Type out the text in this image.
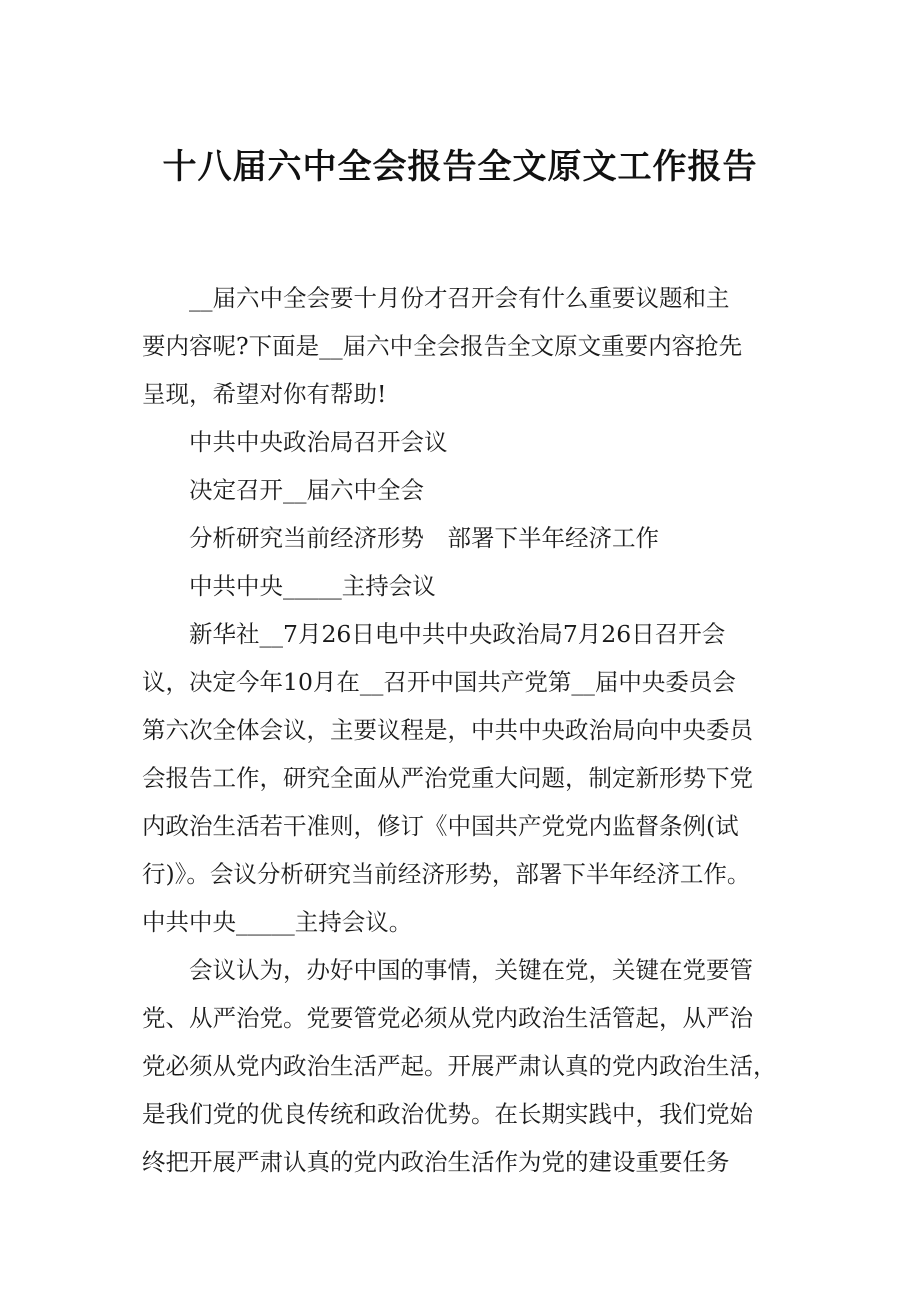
十八届六中全会报告全文原文工作报告

__届六中全会要十月份才召开会有什么重要议题和主

要内容呢?下面是__届六中全会报告全文原文重要内容抢先

呈现，希望对你有帮助!

中共中央政治局召开会议

决定召开__届六中全会

分析研究当前经济形势　部署下半年经济工作

中共中央_____主持会议

新华社__7月26日电中共中央政治局7月26日召开会

议，决定今年10月在__召开中国共产党第__届中央委员会

第六次全体会议，主要议程是，中共中央政治局向中央委员

会报告工作，研究全面从严治党重大问题，制定新形势下党

内政治生活若干准则，修订《中国共产党党内监督条例(试

行)》。会议分析研究当前经济形势，部署下半年经济工作。

中共中央_____主持会议。

会议认为，办好中国的事情，关键在党，关键在党要管

党、从严治党。党要管党必须从党内政治生活管起，从严治

党必须从党内政治生活严起。开展严肃认真的党内政治生活，

是我们党的优良传统和政治优势。在长期实践中，我们党始

终把开展严肃认真的党内政治生活作为党的建设重要任务
